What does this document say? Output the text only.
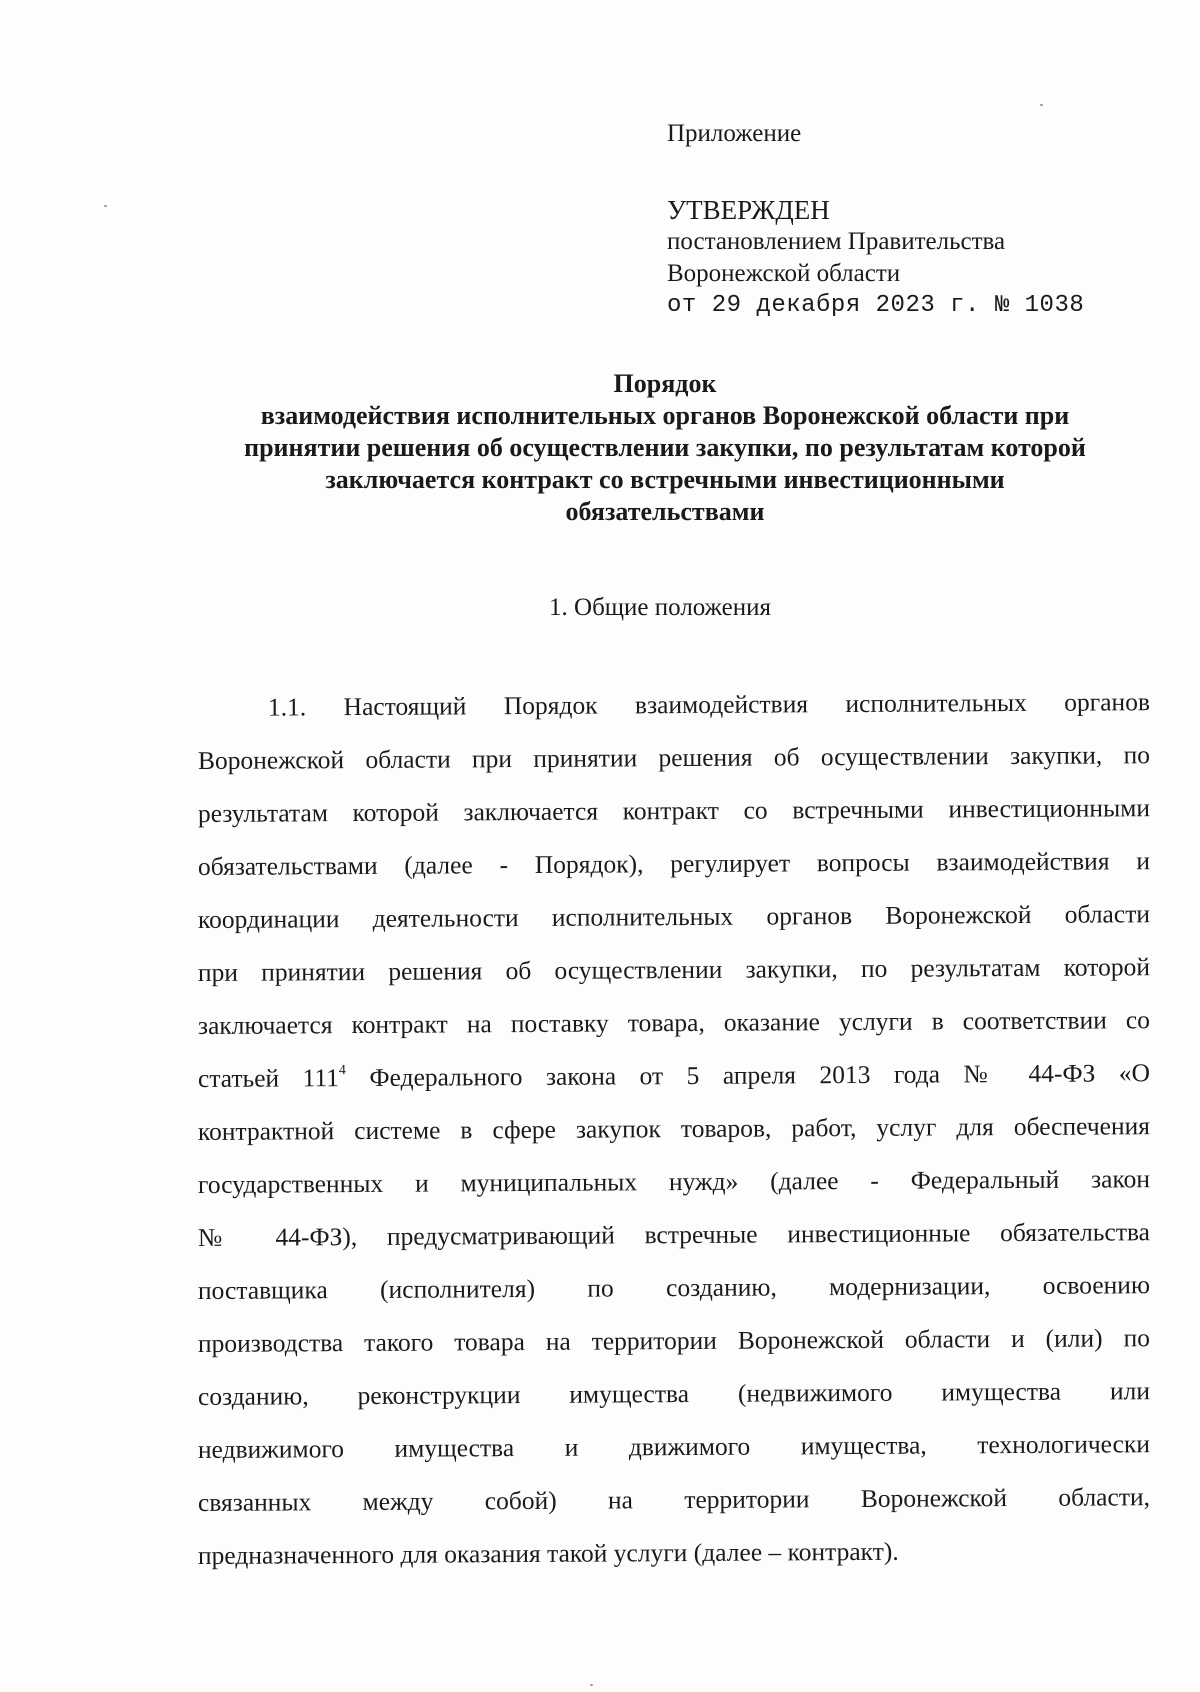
Приложение
УТВЕРЖДЕН
постановлением Правительства
Воронежской области
от 29 декабря 2023 г. № 1038
Порядок
взаимодействия исполнительных органов Воронежской области при
принятии решения об осуществлении закупки, по результатам которой
заключается контракт со встречными инвестиционными
обязательствами
1. Общие положения
1.1. Настоящий Порядок взаимодействия исполнительных органов
Воронежской области при принятии решения об осуществлении закупки, по
результатам которой заключается контракт со встречными инвестиционными
обязательствами (далее - Порядок), регулирует вопросы взаимодействия и
координации деятельности исполнительных органов Воронежской области
при принятии решения об осуществлении закупки, по результатам которой
заключается контракт на поставку товара, оказание услуги в соответствии со
статьей $111^4$ Федерального закона от 5 апреля 2013 года № 44-ФЗ «О
контрактной системе в сфере закупок товаров, работ, услуг для обеспечения
государственных и муниципальных нужд» (далее - Федеральный закон
№ 44-ФЗ), предусматривающий встречные инвестиционные обязательства
поставщика (исполнителя) по созданию, модернизации, освоению
производства такого товара на территории Воронежской области и (или) по
созданию, реконструкции имущества (недвижимого имущества или
недвижимого имущества и движимого имущества, технологически
связанных между собой) на территории Воронежской области,
предназначенного для оказания такой услуги (далее – контракт).
